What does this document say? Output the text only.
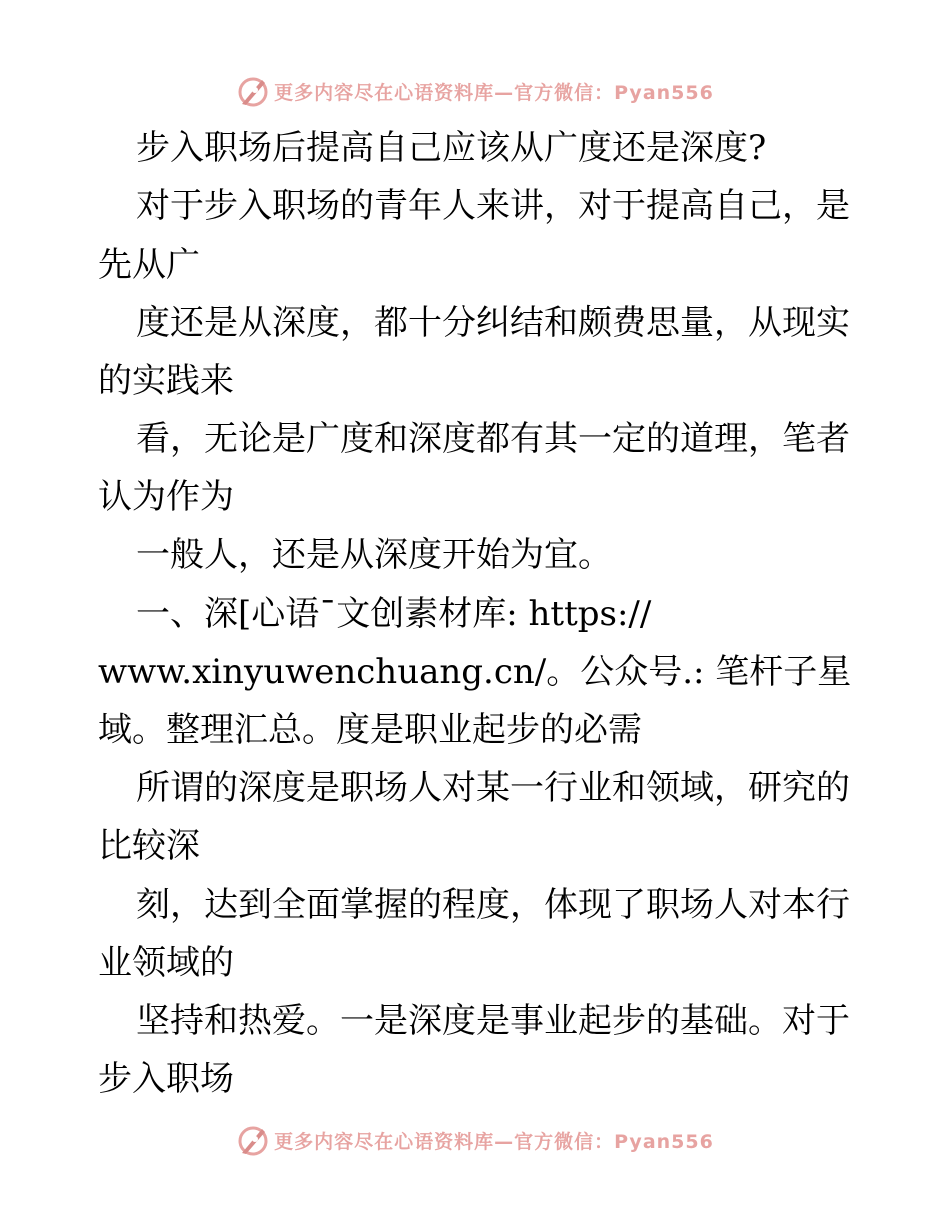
更多内容尽在心语资料库—官方微信：Pyan556
步入职场后提高自己应该从广度还是深度?
对于步入职场的青年人来讲，对于提高自己，是
先从广
度还是从深度，都十分纠结和颇费思量，从现实
的实践来
看，无论是广度和深度都有其一定的道理，笔者
认为作为
一般人，还是从深度开始为宜。
一、深[心语¯文创素材库: https://
www.xinyuwenchuang.cn/。公众号.: 笔杆子星
域。整理汇总。度是职业起步的必需
所谓的深度是职场人对某一行业和领域，研究的
比较深
刻，达到全面掌握的程度，体现了职场人对本行
业领域的
坚持和热爱。一是深度是事业起步的基础。对于
步入职场
更多内容尽在心语资料库—官方微信：Pyan556
